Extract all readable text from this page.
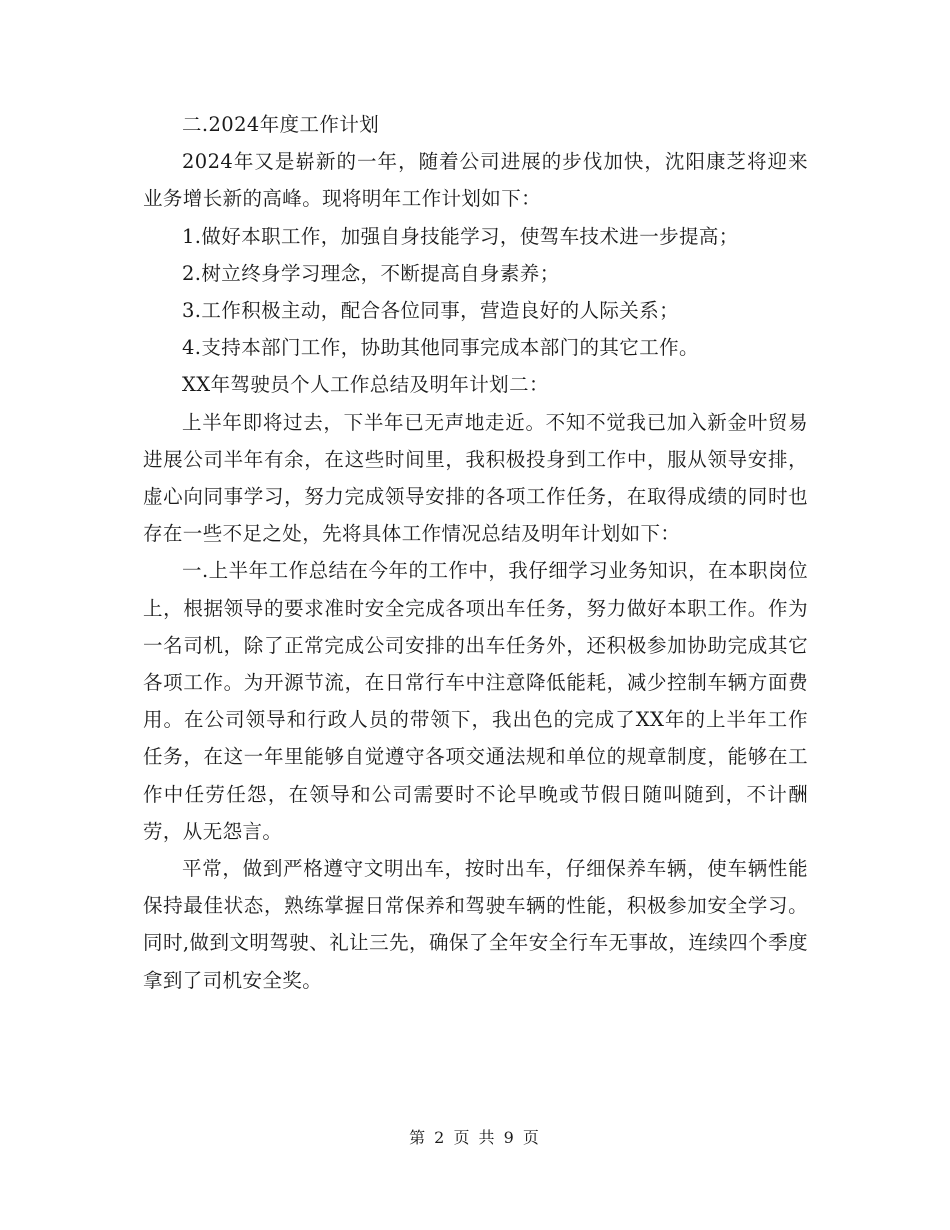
二.2024年度工作计划

2024年又是崭新的一年，随着公司进展的步伐加快，沈阳康芝将迎来业务增长新的高峰。现将明年工作计划如下：

1.做好本职工作，加强自身技能学习，使驾车技术进一步提高；

2.树立终身学习理念，不断提高自身素养；

3.工作积极主动，配合各位同事，营造良好的人际关系；

4.支持本部门工作，协助其他同事完成本部门的其它工作。

XX年驾驶员个人工作总结及明年计划二：

上半年即将过去，下半年已无声地走近。不知不觉我已加入新金叶贸易进展公司半年有余，在这些时间里，我积极投身到工作中，服从领导安排，虚心向同事学习，努力完成领导安排的各项工作任务，在取得成绩的同时也存在一些不足之处，先将具体工作情况总结及明年计划如下：

一.上半年工作总结在今年的工作中，我仔细学习业务知识，在本职岗位上，根据领导的要求准时安全完成各项出车任务，努力做好本职工作。作为一名司机，除了正常完成公司安排的出车任务外，还积极参加协助完成其它各项工作。为开源节流，在日常行车中注意降低能耗，减少控制车辆方面费用。在公司领导和行政人员的带领下，我出色的完成了XX年的上半年工作任务，在这一年里能够自觉遵守各项交通法规和单位的规章制度，能够在工作中任劳任怨，在领导和公司需要时不论早晚或节假日随叫随到，不计酬劳，从无怨言。

平常，做到严格遵守文明出车，按时出车，仔细保养车辆，使车辆性能保持最佳状态，熟练掌握日常保养和驾驶车辆的性能，积极参加安全学习。同时,做到文明驾驶、礼让三先，确保了全年安全行车无事故，连续四个季度拿到了司机安全奖。

第 2 页 共 9 页
